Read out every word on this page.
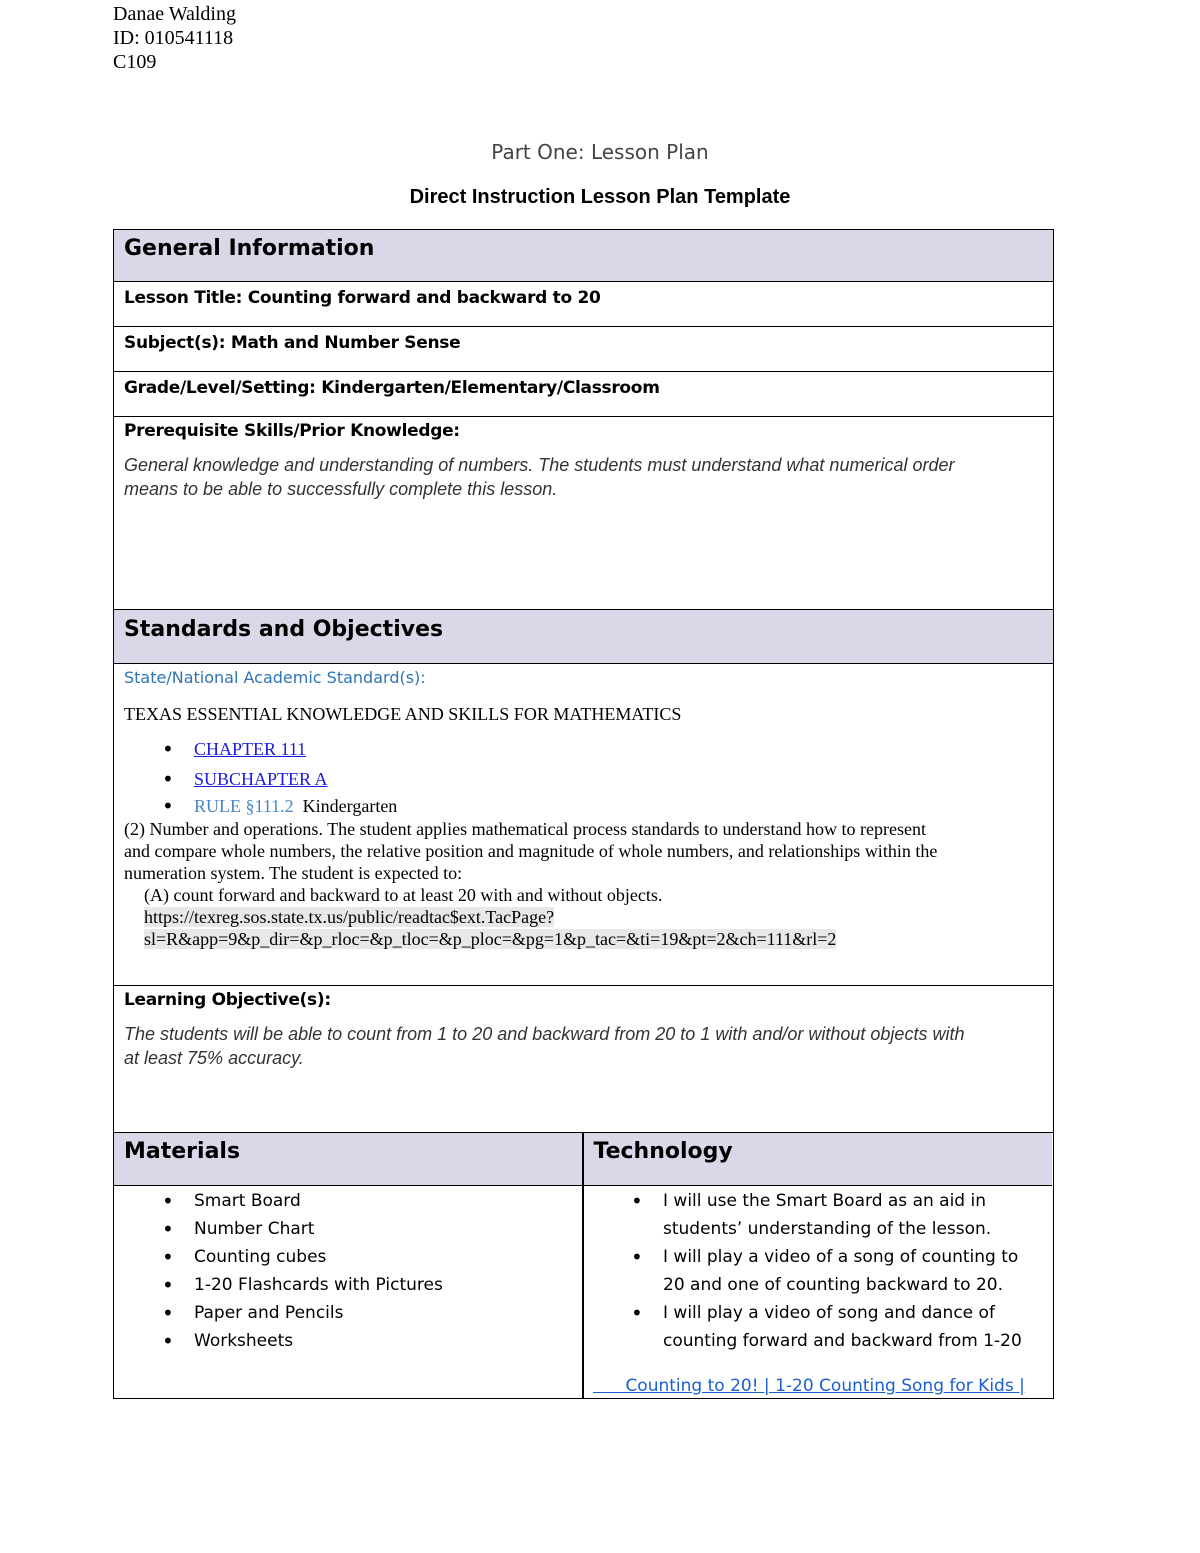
Danae Walding
ID: 010541118
C109
Part One: Lesson Plan
Direct Instruction Lesson Plan Template
General Information
Lesson Title: Counting forward and backward to 20
Subject(s): Math and Number Sense
Grade/Level/Setting: Kindergarten/Elementary/Classroom
Prerequisite Skills/Prior Knowledge:
General knowledge and understanding of numbers. The students must understand what numerical order
means to be able to successfully complete this lesson.
Standards and Objectives
State/National Academic Standard(s):
TEXAS ESSENTIAL KNOWLEDGE AND SKILLS FOR MATHEMATICS
• CHAPTER 111
• SUBCHAPTER A
• RULE §111.2 Kindergarten
(2) Number and operations. The student applies mathematical process standards to understand how to represent
and compare whole numbers, the relative position and magnitude of whole numbers, and relationships within the
numeration system. The student is expected to:
(A) count forward and backward to at least 20 with and without objects.
https://texreg.sos.state.tx.us/public/readtac$ext.TacPage?
sl=R&app=9&p_dir=&p_rloc=&p_tloc=&p_ploc=&pg=1&p_tac=&ti=19&pt=2&ch=111&rl=2
Learning Objective(s):
The students will be able to count from 1 to 20 and backward from 20 to 1 with and/or without objects with
at least 75% accuracy.
Materials	Technology
• Smart Board
• Number Chart
• Counting cubes
• 1-20 Flashcards with Pictures
• Paper and Pencils
• Worksheets
• I will use the Smart Board as an aid in
students’ understanding of the lesson.
• I will play a video of a song of counting to
20 and one of counting backward to 20.
• I will play a video of song and dance of
counting forward and backward from 1-20
Counting to 20! | 1-20 Counting Song for Kids |
